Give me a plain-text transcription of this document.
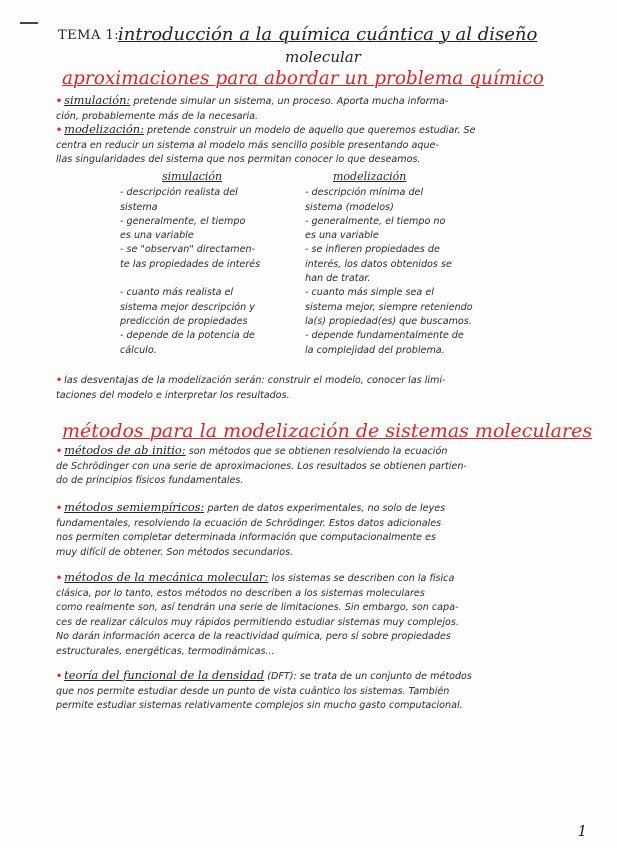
TEMA 1:
introducción a la química cuántica y al diseño
molecular
aproximaciones para abordar un problema químico
• simulación: pretende simular un sistema, un proceso. Aporta mucha informa-
ción, probablemente más de la necesaria.
• modelización: pretende construir un modelo de aquello que queremos estudiar. Se
centra en reducir un sistema al modelo más sencillo posible presentando aque-
llas singularidades del sistema que nos permitan conocer lo que deseamos.
simulación
- descripción realista del
sistema
- generalmente, el tiempo
es una variable
- se "observan" directamen-
te las propiedades de interés

- cuanto más realista el
sistema mejor descripción y
predicción de propiedades
- depende de la potencia de
cálculo.
modelización
- descripción mínima del
sistema (modelos)
- generalmente, el tiempo no
es una variable
- se infieren propiedades de
interés, los datos obtenidos se
han de tratar.
- cuanto más simple sea el
sistema mejor, siempre reteniendo
la(s) propiedad(es) que buscamos.
- depende fundamentalmente de
la complejidad del problema.
• las desventajas de la modelización serán: construir el modelo, conocer las limi-
taciones del modelo e interpretar los resultados.
métodos para la modelización de sistemas moleculares
• métodos de ab initio: son métodos que se obtienen resolviendo la ecuación
de Schrödinger con una serie de aproximaciones. Los resultados se obtienen partien-
do de principios físicos fundamentales.
• métodos semiempíricos: parten de datos experimentales, no solo de leyes
fundamentales, resolviendo la ecuación de Schrödinger. Estos datos adicionales
nos permiten completar determinada información que computacionalmente es
muy difícil de obtener. Son métodos secundarios.
• métodos de la mecánica molecular: los sistemas se describen con la física
clásica, por lo tanto, estos métodos no describen a los sistemas moleculares
como realmente son, así tendrán una serie de limitaciones. Sin embargo, son capa-
ces de realizar cálculos muy rápidos permitiendo estudiar sistemas muy complejos.
No darán información acerca de la reactividad química, pero sí sobre propiedades
estructurales, energéticas, termodinámicas...
• teoría del funcional de la densidad (DFT): se trata de un conjunto de métodos
que nos permite estudiar desde un punto de vista cuántico los sistemas. También
permite estudiar sistemas relativamente complejos sin mucho gasto computacional.
1
